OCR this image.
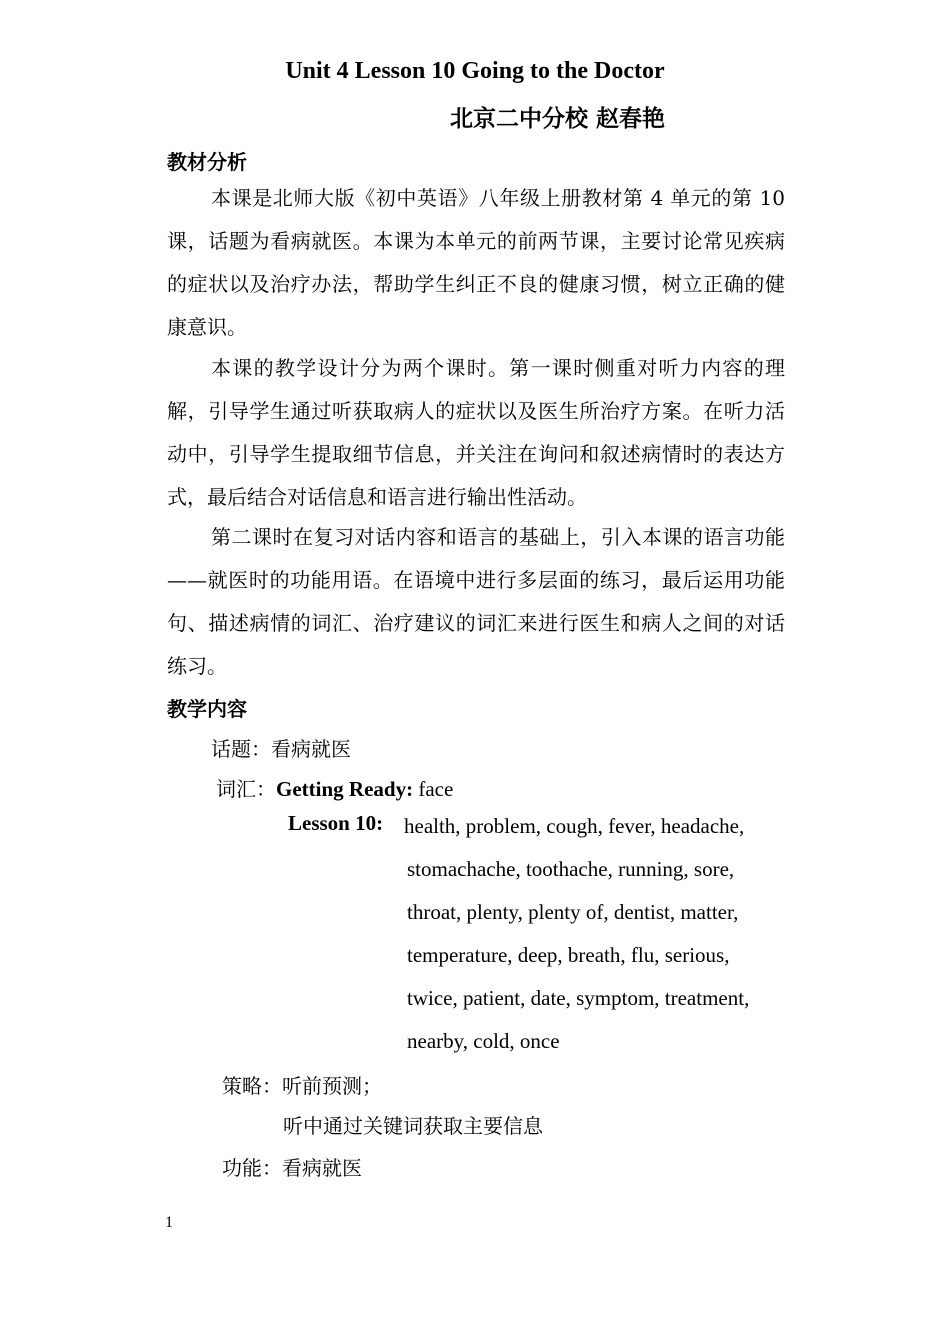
Unit 4 Lesson 10 Going to the Doctor
北京二中分校 赵春艳
教材分析
本课是北师大版《初中英语》八年级上册教材第 4 单元的第 10 课，话题为看病就医。本课为本单元的前两节课，主要讨论常见疾病的症状以及治疗办法，帮助学生纠正不良的健康习惯，树立正确的健康意识。
本课的教学设计分为两个课时。第一课时侧重对听力内容的理解，引导学生通过听获取病人的症状以及医生所治疗方案。在听力活动中，引导学生提取细节信息，并关注在询问和叙述病情时的表达方式，最后结合对话信息和语言进行输出性活动。
第二课时在复习对话内容和语言的基础上，引入本课的语言功能——就医时的功能用语。在语境中进行多层面的练习，最后运用功能句、描述病情的词汇、治疗建议的词汇来进行医生和病人之间的对话练习。
教学内容
话题：看病就医
词汇：Getting Ready: face
Lesson 10: health, problem, cough, fever, headache,
stomachache, toothache, running, sore,
throat, plenty, plenty of, dentist, matter,
temperature, deep, breath, flu, serious,
twice, patient, date, symptom, treatment,
nearby, cold, once
策略：听前预测；
听中通过关键词获取主要信息
功能：看病就医
1
